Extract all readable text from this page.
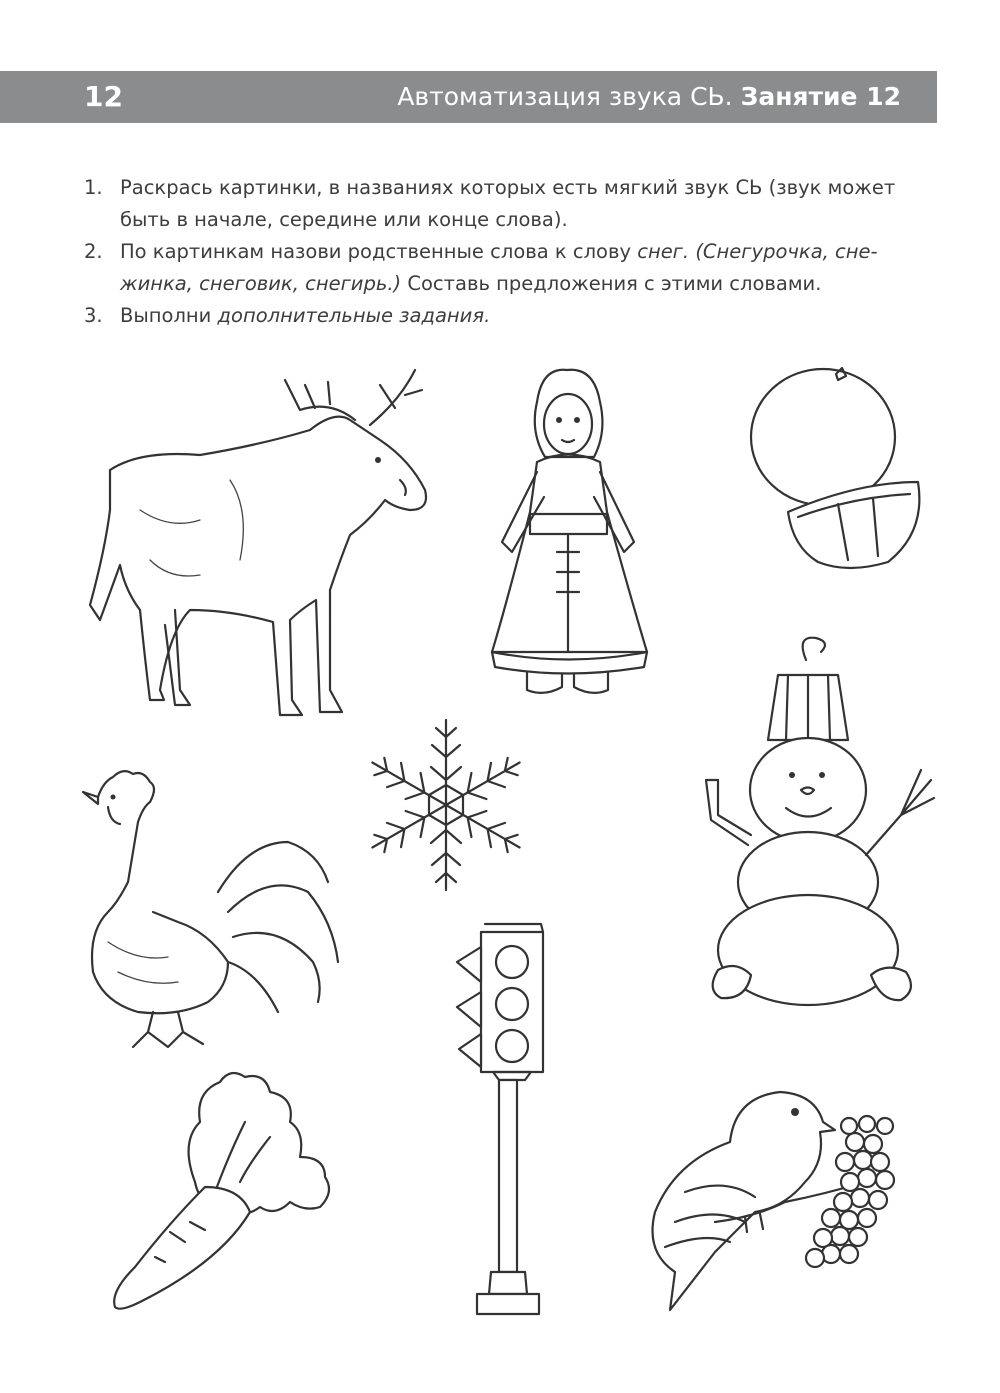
12	Автоматизация звука СЬ. Занятие 12
1. Раскрась картинки, в названиях которых есть мягкий звук СЬ (звук может
быть в начале, середине или конце слова).
2. По картинкам назови родственные слова к слову снег. (Снегурочка, сне-
жинка, снеговик, снегирь.) Составь предложения с этими словами.
3. Выполни дополнительные задания.
